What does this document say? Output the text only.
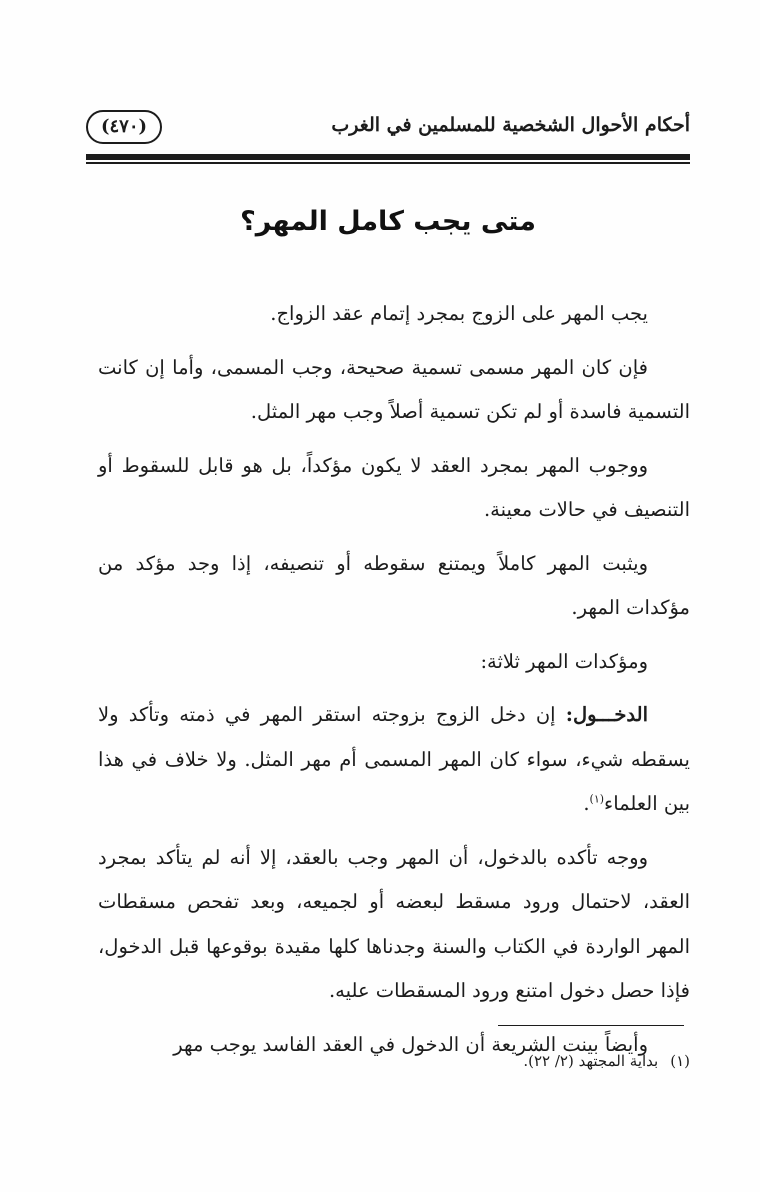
أحكام الأحوال الشخصية للمسلمين في الغرب
(٤٧٠)
متى يجب كامل المهر؟

يجب المهر على الزوج بمجرد إتمام عقد الزواج.

فإن كان المهر مسمى تسمية صحيحة، وجب المسمى، وأما إن كانت التسمية فاسدة أو لم تكن تسمية أصلاً وجب مهر المثل.

ووجوب المهر بمجرد العقد لا يكون مؤكداً، بل هو قابل للسقوط أو التنصيف في حالات معينة.

ويثبت المهر كاملاً ويمتنع سقوطه أو تنصيفه، إذا وجد مؤكد من مؤكدات المهر.

ومؤكدات المهر ثلاثة:

الدخـــول: إن دخل الزوج بزوجته استقر المهر في ذمته وتأكد ولا يسقطه شيء، سواء كان المهر المسمى أم مهر المثل. ولا خلاف في هذا بين العلماء$^{(١)}$.

ووجه تأكده بالدخول، أن المهر وجب بالعقد، إلا أنه لم يتأكد بمجرد العقد، لاحتمال ورود مسقط لبعضه أو لجميعه، وبعد تفحص مسقطات المهر الواردة في الكتاب والسنة وجدناها كلها مقيدة بوقوعها قبل الدخول، فإذا حصل دخول امتنع ورود المسقطات عليه.

وأيضاً بينت الشريعة أن الدخول في العقد الفاسد يوجب مهر

(١)بداية المجتهد (٢/ ٢٢).
